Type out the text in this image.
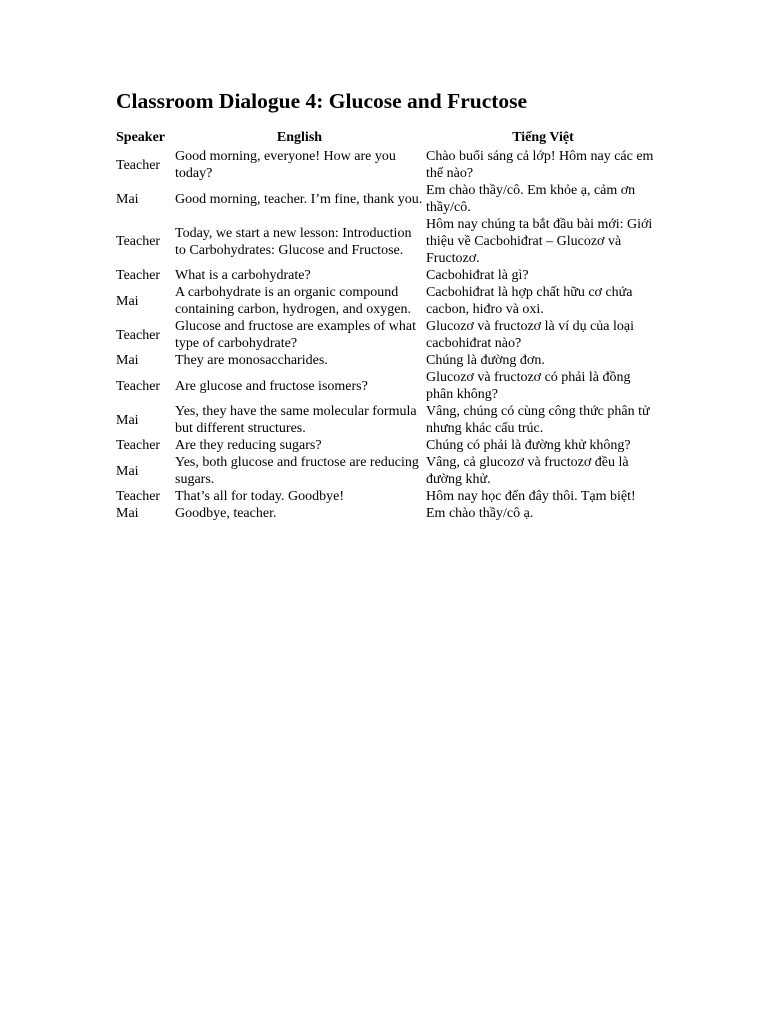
Classroom Dialogue 4: Glucose and Fructose
Speaker	English	Tiếng Việt
Teacher	Good morning, everyone! How are you today?	Chào buổi sáng cả lớp! Hôm nay các em thế nào?
Mai	Good morning, teacher. I’m fine, thank you.	Em chào thầy/cô. Em khỏe ạ, cảm ơn thầy/cô.
Teacher	Today, we start a new lesson: Introduction to Carbohydrates: Glucose and Fructose.	Hôm nay chúng ta bắt đầu bài mới: Giới thiệu về Cacbohiđrat – Glucozơ và Fructozơ.
Teacher	What is a carbohydrate?	Cacbohiđrat là gì?
Mai	A carbohydrate is an organic compound containing carbon, hydrogen, and oxygen.	Cacbohiđrat là hợp chất hữu cơ chứa cacbon, hiđro và oxi.
Teacher	Glucose and fructose are examples of what type of carbohydrate?	Glucozơ và fructozơ là ví dụ của loại cacbohiđrat nào?
Mai	They are monosaccharides.	Chúng là đường đơn.
Teacher	Are glucose and fructose isomers?	Glucozơ và fructozơ có phải là đồng phân không?
Mai	Yes, they have the same molecular formula but different structures.	Vâng, chúng có cùng công thức phân tử nhưng khác cấu trúc.
Teacher	Are they reducing sugars?	Chúng có phải là đường khử không?
Mai	Yes, both glucose and fructose are reducing sugars.	Vâng, cả glucozơ và fructozơ đều là đường khử.
Teacher	That’s all for today. Goodbye!	Hôm nay học đến đây thôi. Tạm biệt!
Mai	Goodbye, teacher.	Em chào thầy/cô ạ.
